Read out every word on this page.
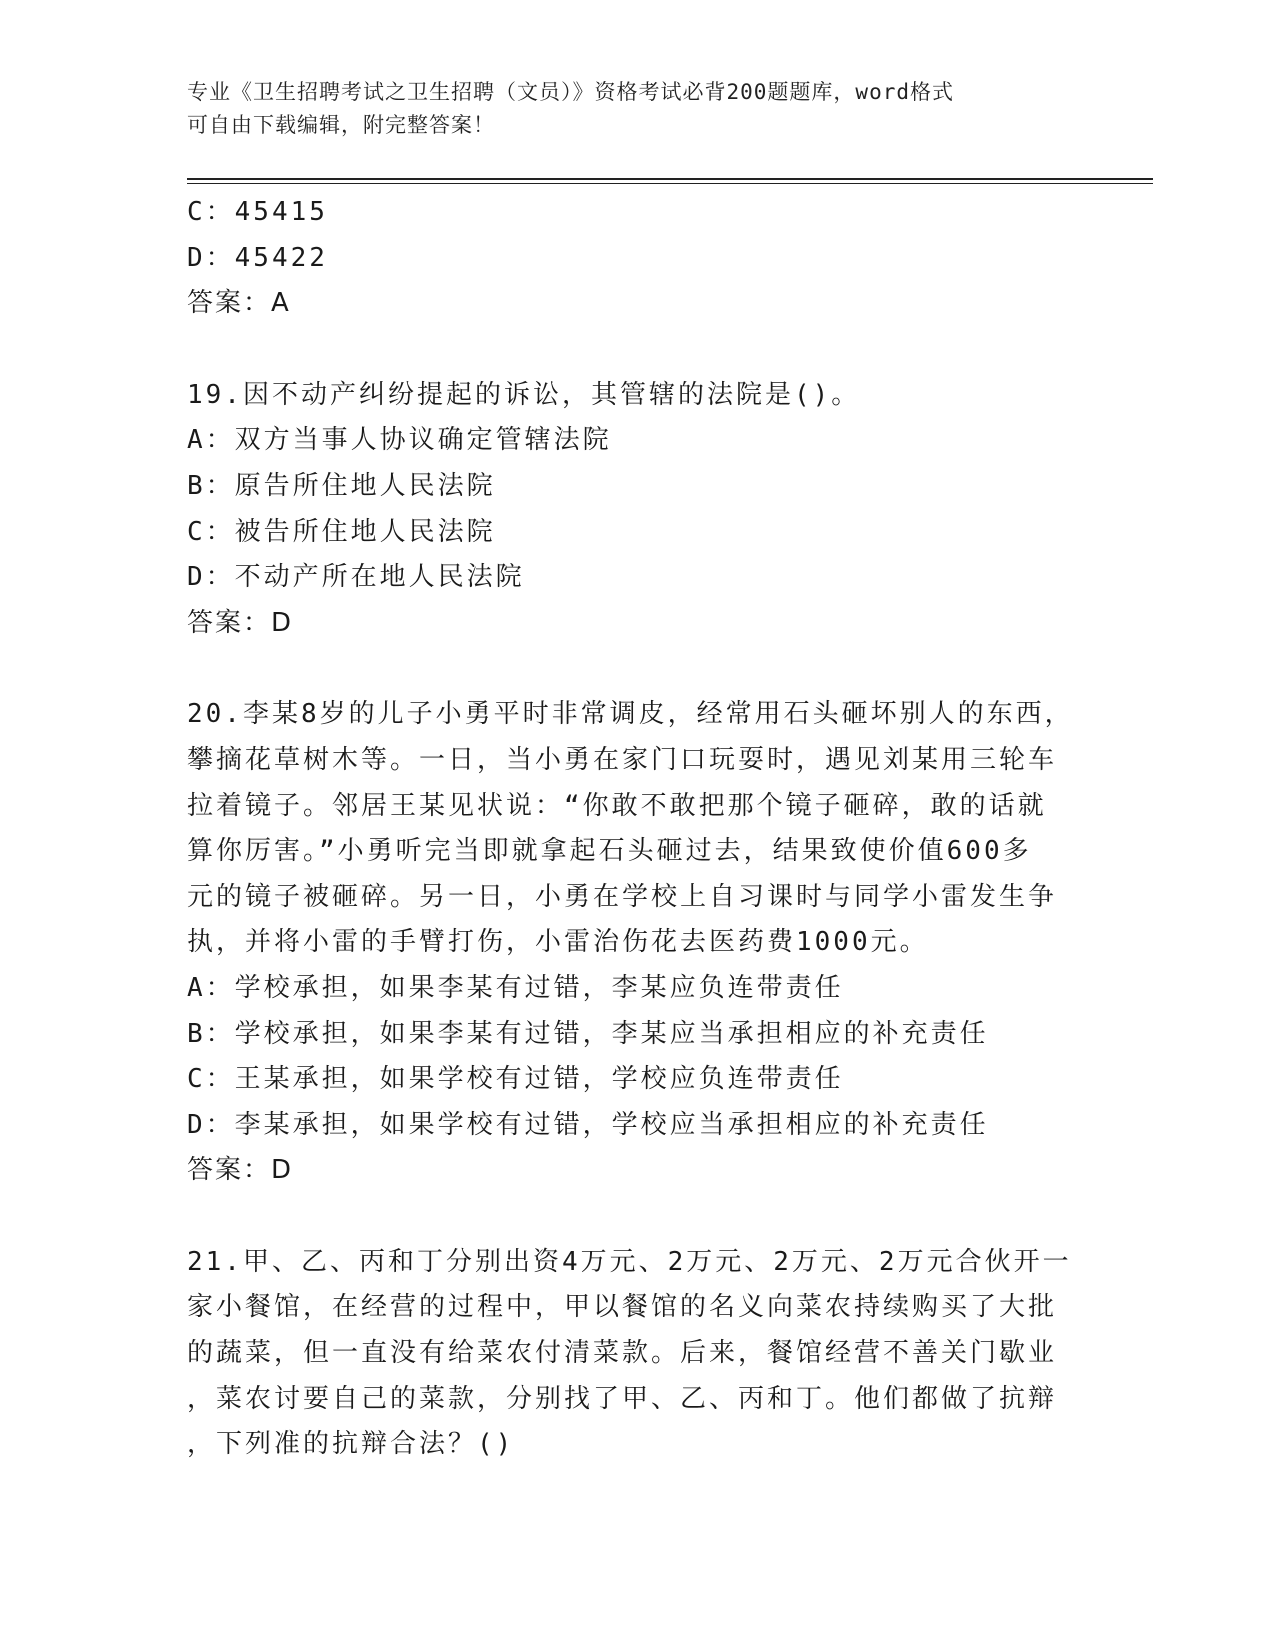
专业《卫生招聘考试之卫生招聘（文员）》资格考试必背200题题库，word格式
可自由下载编辑，附完整答案！
C：45415
D：45422
答案：A
19.因不动产纠纷提起的诉讼，其管辖的法院是()。
A：双方当事人协议确定管辖法院
B：原告所住地人民法院
C：被告所住地人民法院
D：不动产所在地人民法院
答案：D
20.李某8岁的儿子小勇平时非常调皮，经常用石头砸坏别人的东西，
攀摘花草树木等。一日，当小勇在家门口玩耍时，遇见刘某用三轮车
拉着镜子。邻居王某见状说：“你敢不敢把那个镜子砸碎，敢的话就
算你厉害。”小勇听完当即就拿起石头砸过去，结果致使价值600多
元的镜子被砸碎。另一日，小勇在学校上自习课时与同学小雷发生争
执，并将小雷的手臂打伤，小雷治伤花去医药费1000元。
A：学校承担，如果李某有过错，李某应负连带责任
B：学校承担，如果李某有过错，李某应当承担相应的补充责任
C：王某承担，如果学校有过错，学校应负连带责任
D：李某承担，如果学校有过错，学校应当承担相应的补充责任
答案：D
21.甲、乙、丙和丁分别出资4万元、2万元、2万元、2万元合伙开一
家小餐馆，在经营的过程中，甲以餐馆的名义向菜农持续购买了大批
的蔬菜，但一直没有给菜农付清菜款。后来，餐馆经营不善关门歇业
，菜农讨要自己的菜款，分别找了甲、乙、丙和丁。他们都做了抗辩
，下列准的抗辩合法？()
